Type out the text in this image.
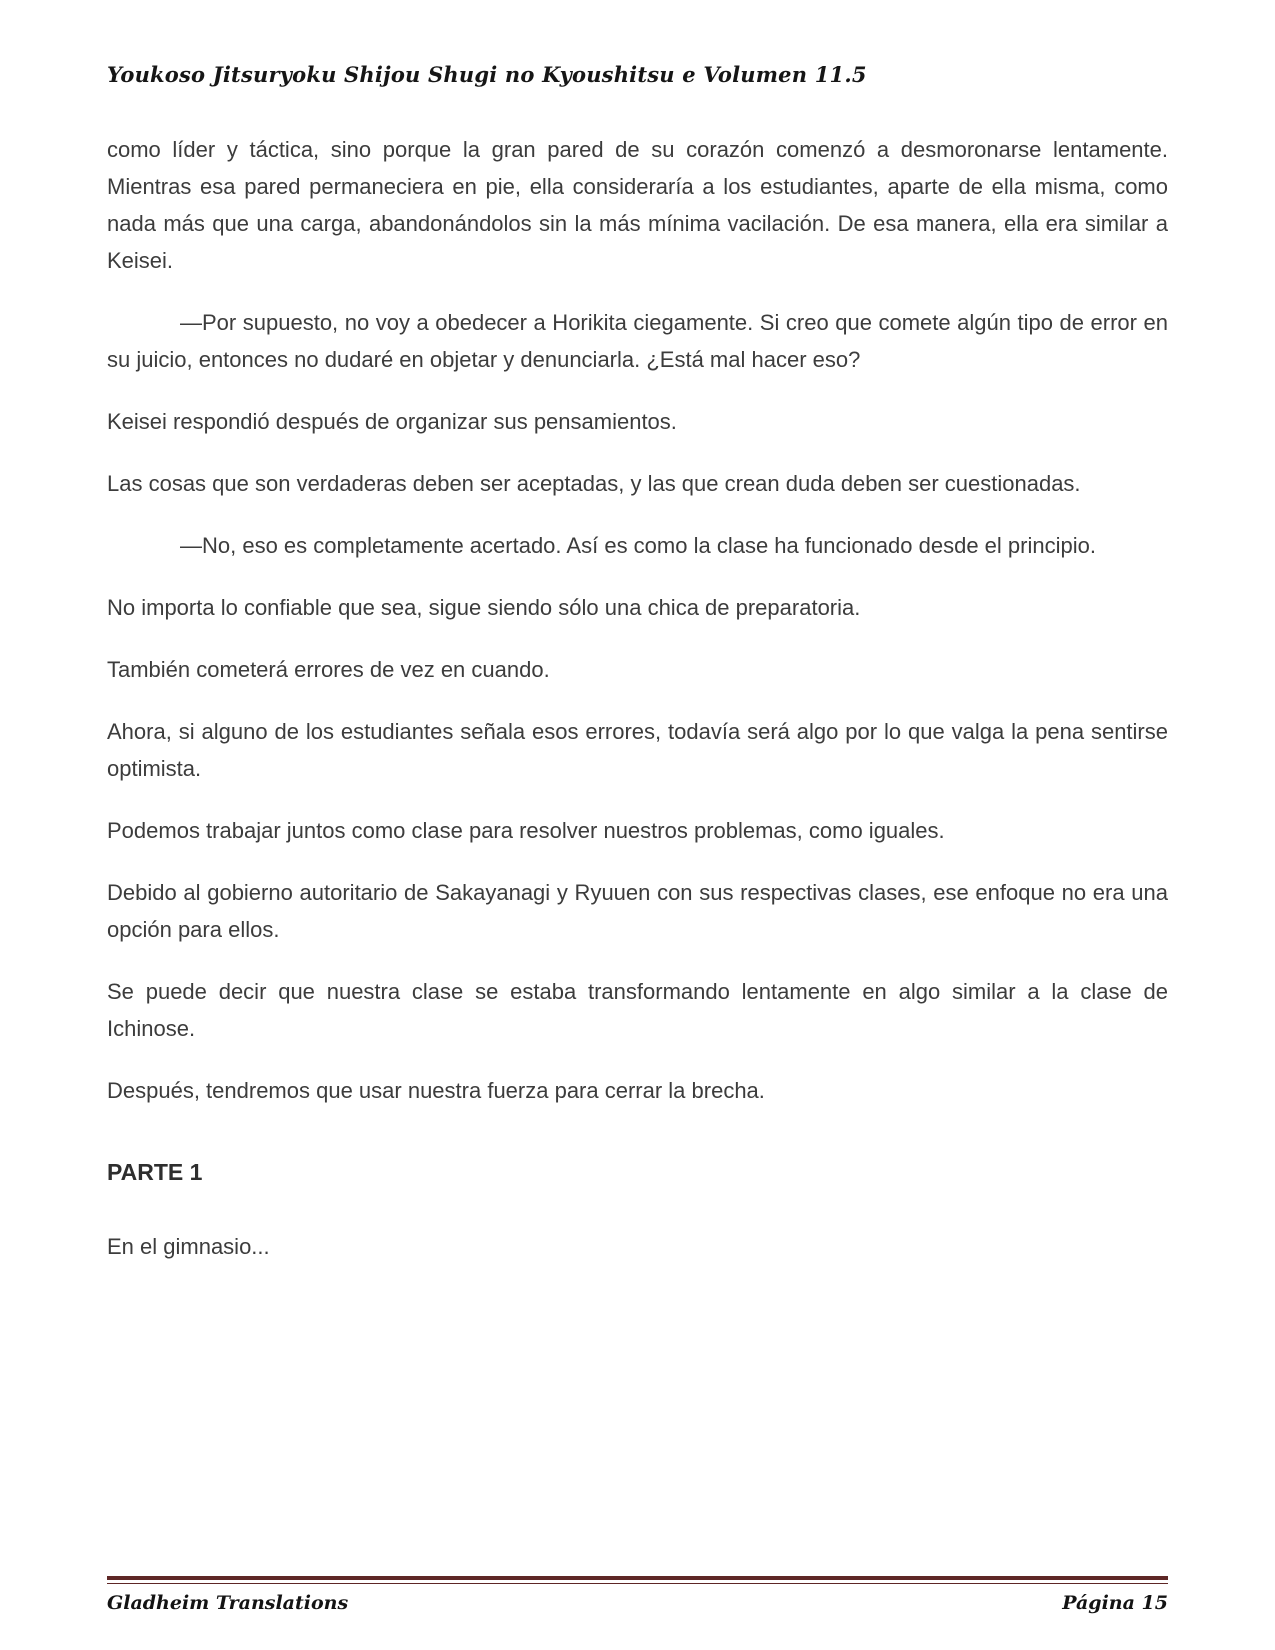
Youkoso Jitsuryoku Shijou Shugi no Kyoushitsu e Volumen 11.5

como líder y táctica, sino porque la gran pared de su corazón comenzó a desmoronarse lentamente. Mientras esa pared permaneciera en pie, ella consideraría a los estudiantes, aparte de ella misma, como nada más que una carga, abandonándolos sin la más mínima vacilación. De esa manera, ella era similar a Keisei.

—Por supuesto, no voy a obedecer a Horikita ciegamente. Si creo que comete algún tipo de error en su juicio, entonces no dudaré en objetar y denunciarla. ¿Está mal hacer eso?

Keisei respondió después de organizar sus pensamientos.

Las cosas que son verdaderas deben ser aceptadas, y las que crean duda deben ser cuestionadas.

—No, eso es completamente acertado. Así es como la clase ha funcionado desde el principio.

No importa lo confiable que sea, sigue siendo sólo una chica de preparatoria.

También cometerá errores de vez en cuando.

Ahora, si alguno de los estudiantes señala esos errores, todavía será algo por lo que valga la pena sentirse optimista.

Podemos trabajar juntos como clase para resolver nuestros problemas, como iguales.

Debido al gobierno autoritario de Sakayanagi y Ryuuen con sus respectivas clases, ese enfoque no era una opción para ellos.

Se puede decir que nuestra clase se estaba transformando lentamente en algo similar a la clase de Ichinose.

Después, tendremos que usar nuestra fuerza para cerrar la brecha.

PARTE 1
En el gimnasio...
Gladheim Translations	Página 15
